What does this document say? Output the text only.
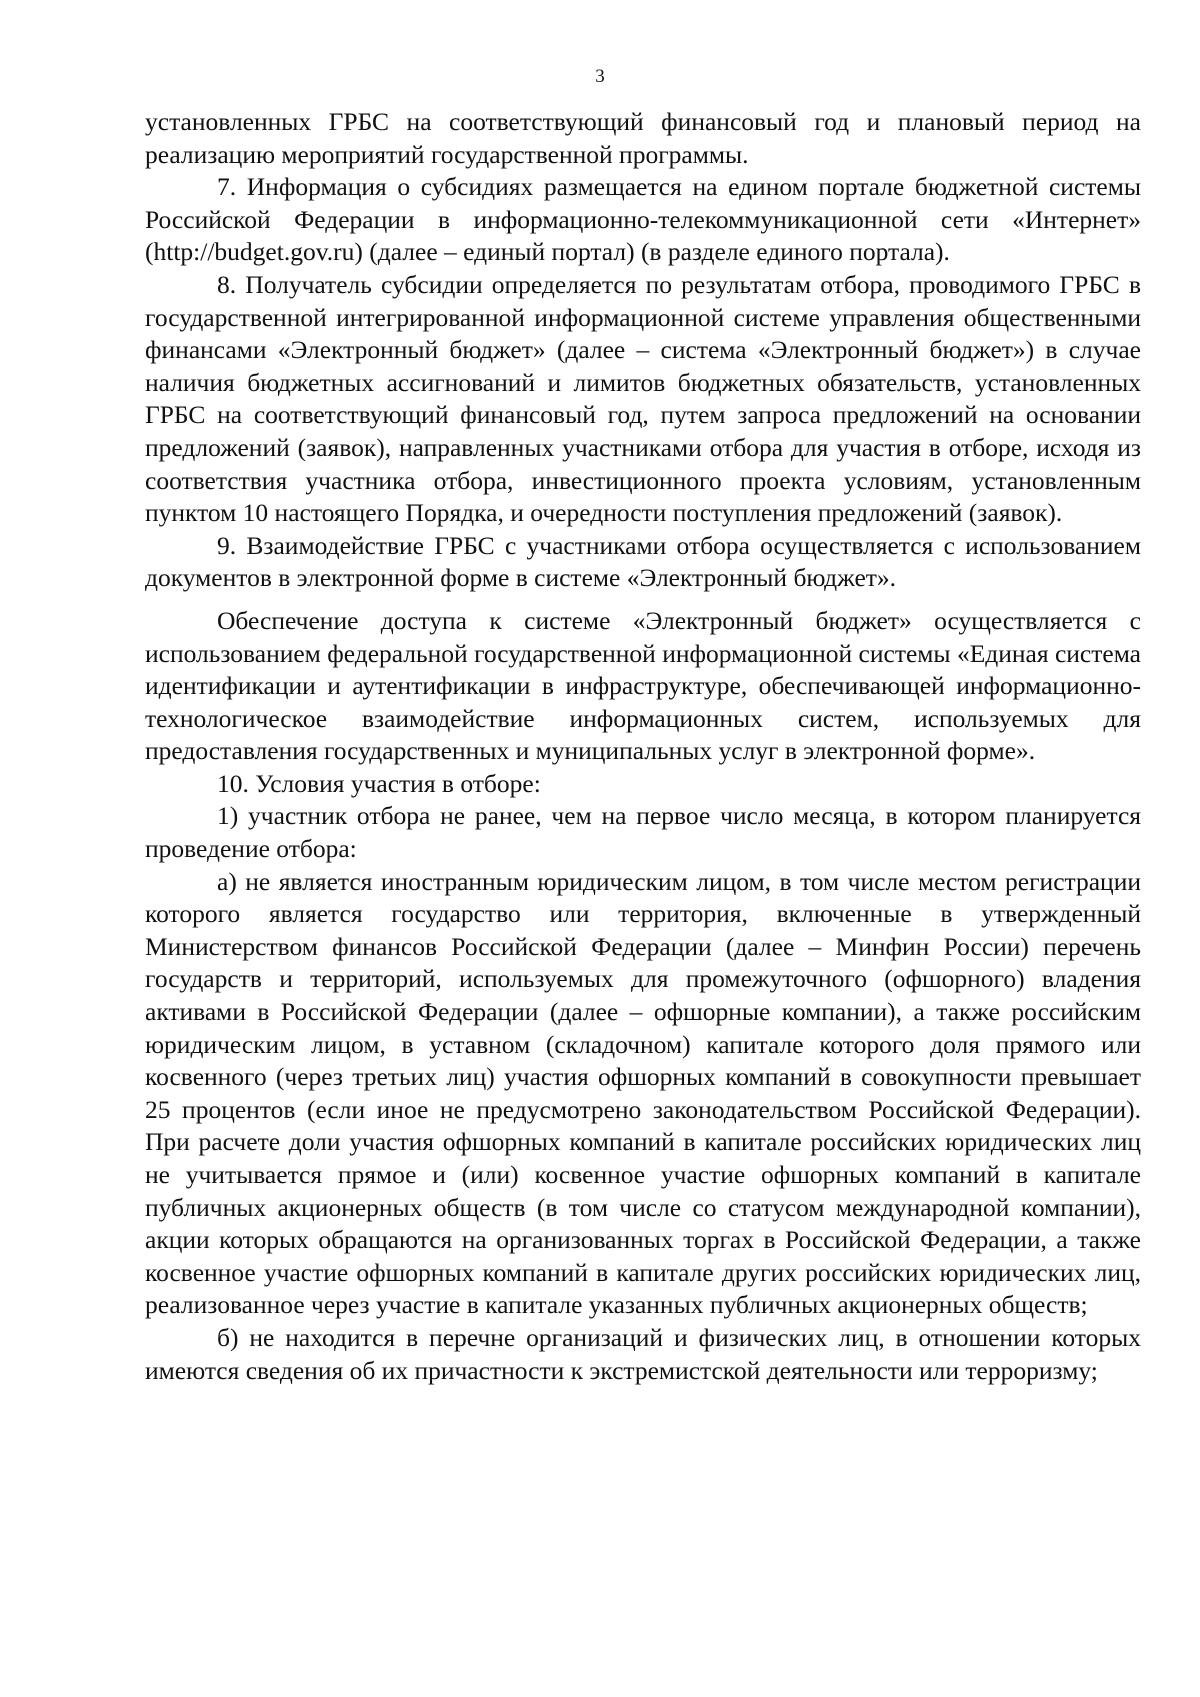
3

установленных ГРБС на соответствующий финансовый год и плановый период на реализацию мероприятий государственной программы.

7. Информация о субсидиях размещается на едином портале бюджетной системы Российской Федерации в информационно-телекоммуникационной сети «Интернет» (http://budget.gov.ru) (далее – единый портал) (в разделе единого портала).

8. Получатель субсидии определяется по результатам отбора, проводимого ГРБС в государственной интегрированной информационной системе управления общественными финансами «Электронный бюджет» (далее – система «Электронный бюджет») в случае наличия бюджетных ассигнований и лимитов бюджетных обязательств, установленных ГРБС на соответствующий финансовый год, путем запроса предложений на основании предложений (заявок), направленных участниками отбора для участия в отборе, исходя из соответствия участника отбора, инвестиционного проекта условиям, установленным пунктом 10 настоящего Порядка, и очередности поступления предложений (заявок).

9. Взаимодействие ГРБС с участниками отбора осуществляется с использованием документов в электронной форме в системе «Электронный бюджет».

Обеспечение доступа к системе «Электронный бюджет» осуществляется с использованием федеральной государственной информационной системы «Единая система идентификации и аутентификации в инфраструктуре, обеспечивающей информационно-технологическое взаимодействие информационных систем, используемых для предоставления государственных и муниципальных услуг в электронной форме».

10. Условия участия в отборе:

1) участник отбора не ранее, чем на первое число месяца, в котором планируется проведение отбора:

а) не является иностранным юридическим лицом, в том числе местом регистрации которого является государство или территория, включенные в утвержденный Министерством финансов Российской Федерации (далее – Минфин России) перечень государств и территорий, используемых для промежуточного (офшорного) владения активами в Российской Федерации (далее – офшорные компании), а также российским юридическим лицом, в уставном (складочном) капитале которого доля прямого или косвенного (через третьих лиц) участия офшорных компаний в совокупности превышает 25 процентов (если иное не предусмотрено законодательством Российской Федерации). При расчете доли участия офшорных компаний в капитале российских юридических лиц не учитывается прямое и (или) косвенное участие офшорных компаний в капитале публичных акционерных обществ (в том числе со статусом международной компании), акции которых обращаются на организованных торгах в Российской Федерации, а также косвенное участие офшорных компаний в капитале других российских юридических лиц, реализованное через участие в капитале указанных публичных акционерных обществ;

б) не находится в перечне организаций и физических лиц, в отношении которых имеются сведения об их причастности к экстремистской деятельности или терроризму;
